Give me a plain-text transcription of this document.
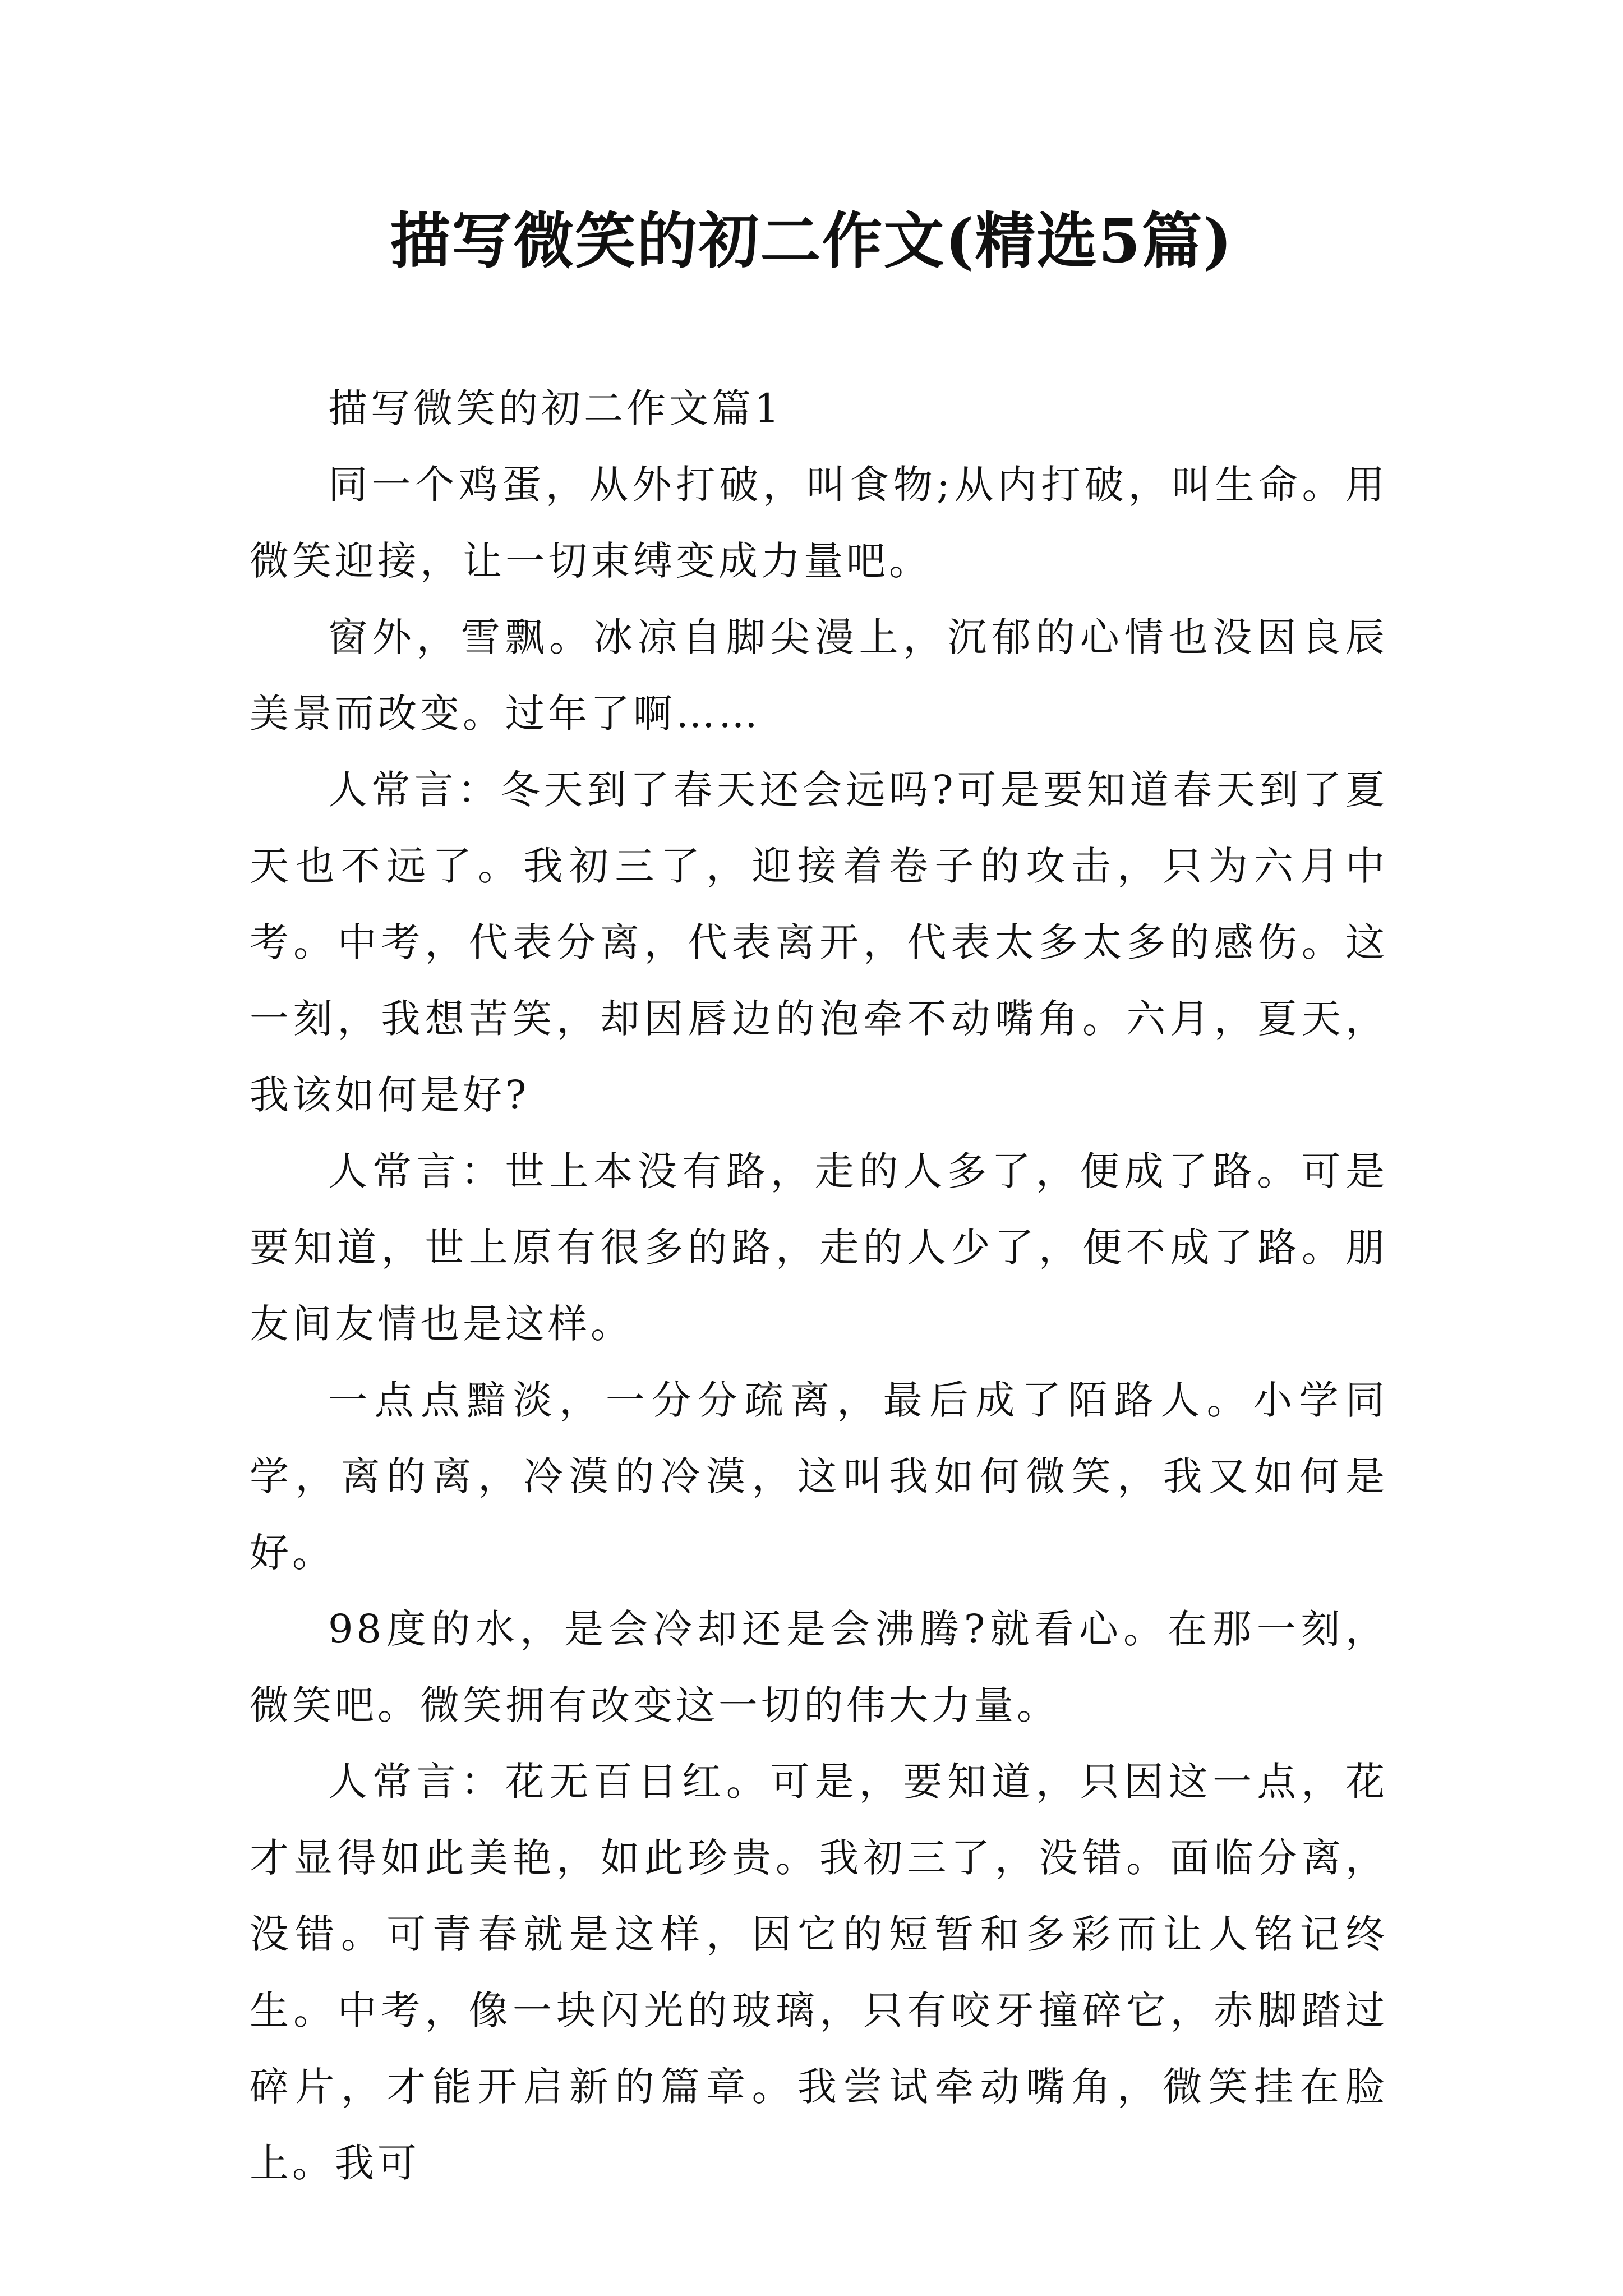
描写微笑的初二作文(精选5篇)
描写微笑的初二作文篇1

同一个鸡蛋，从外打破，叫食物;从内打破，叫生命。用微笑迎接，让一切束缚变成力量吧。

窗外，雪飘。冰凉自脚尖漫上，沉郁的心情也没因良辰美景而改变。过年了啊……

人常言：冬天到了春天还会远吗?可是要知道春天到了夏天也不远了。我初三了，迎接着卷子的攻击，只为六月中考。中考，代表分离，代表离开，代表太多太多的感伤。这一刻，我想苦笑，却因唇边的泡牵不动嘴角。六月，夏天，我该如何是好?

人常言：世上本没有路，走的人多了，便成了路。可是要知道，世上原有很多的路，走的人少了，便不成了路。朋友间友情也是这样。

一点点黯淡，一分分疏离，最后成了陌路人。小学同学，离的离，冷漠的冷漠，这叫我如何微笑，我又如何是好。

98度的水，是会冷却还是会沸腾?就看心。在那一刻，微笑吧。微笑拥有改变这一切的伟大力量。

人常言：花无百日红。可是，要知道，只因这一点，花才显得如此美艳，如此珍贵。我初三了，没错。面临分离，没错。可青春就是这样，因它的短暂和多彩而让人铭记终生。中考，像一块闪光的玻璃，只有咬牙撞碎它，赤脚踏过碎片，才能开启新的篇章。我尝试牵动嘴角，微笑挂在脸上。我可
